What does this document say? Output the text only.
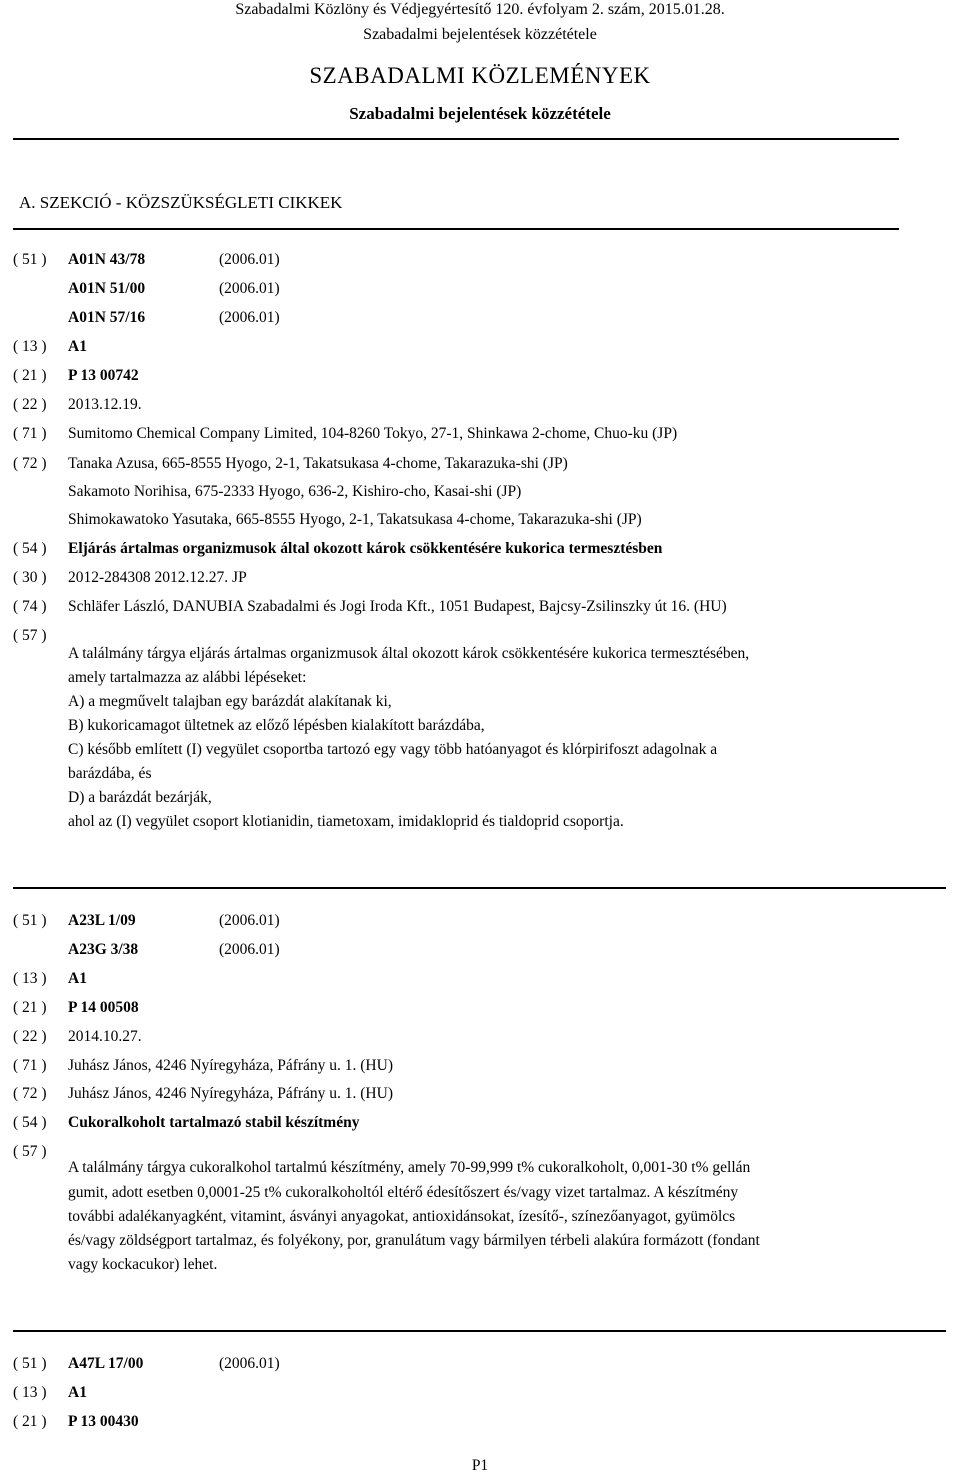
Szabadalmi Közlöny és Védjegyértesítő 120. évfolyam 2. szám, 2015.01.28.
Szabadalmi bejelentések közzététele
SZABADALMI KÖZLEMÉNYEK
Szabadalmi bejelentések közzététele
A. SZEKCIÓ - KÖZSZÜKSÉGLETI CIKKEK
( 51 ) A01N 43/78	(2006.01)
A01N 51/00	(2006.01)
A01N 57/16	(2006.01)
( 13 ) A1
( 21 ) P 13 00742
( 22 ) 2013.12.19.
( 71 ) Sumitomo Chemical Company Limited, 104-8260 Tokyo, 27-1, Shinkawa 2-chome, Chuo-ku (JP)
( 72 ) Tanaka Azusa, 665-8555 Hyogo, 2-1, Takatsukasa 4-chome, Takarazuka-shi (JP)
Sakamoto Norihisa, 675-2333 Hyogo, 636-2, Kishiro-cho, Kasai-shi (JP)
Shimokawatoko Yasutaka, 665-8555 Hyogo, 2-1, Takatsukasa 4-chome, Takarazuka-shi (JP)
( 54 ) Eljárás ártalmas organizmusok által okozott károk csökkentésére kukorica termesztésben
( 30 ) 2012-284308 2012.12.27. JP
( 74 ) Schläfer László, DANUBIA Szabadalmi és Jogi Iroda Kft., 1051 Budapest, Bajcsy-Zsilinszky út 16. (HU)
( 57 )
A találmány tárgya eljárás ártalmas organizmusok által okozott károk csökkentésére kukorica termesztésében,
amely tartalmazza az alábbi lépéseket:
A) a megművelt talajban egy barázdát alakítanak ki,
B) kukoricamagot ültetnek az előző lépésben kialakított barázdába,
C) később említett (I) vegyület csoportba tartozó egy vagy több hatóanyagot és klórpirifoszt adagolnak a
barázdába, és
D) a barázdát bezárják,
ahol az (I) vegyület csoport klotianidin, tiametoxam, imidakloprid és tialdoprid csoportja.
( 51 ) A23L 1/09	(2006.01)
A23G 3/38	(2006.01)
( 13 ) A1
( 21 ) P 14 00508
( 22 ) 2014.10.27.
( 71 ) Juhász János, 4246 Nyíregyháza, Páfrány u. 1. (HU)
( 72 ) Juhász János, 4246 Nyíregyháza, Páfrány u. 1. (HU)
( 54 ) Cukoralkoholt tartalmazó stabil készítmény
( 57 )
A találmány tárgya cukoralkohol tartalmú készítmény, amely 70-99,999 t% cukoralkoholt, 0,001-30 t% gellán
gumit, adott esetben 0,0001-25 t% cukoralkoholtól eltérő édesítőszert és/vagy vizet tartalmaz. A készítmény
további adalékanyagként, vitamint, ásványi anyagokat, antioxidánsokat, ízesítő-, színezőanyagot, gyümölcs
és/vagy zöldségport tartalmaz, és folyékony, por, granulátum vagy bármilyen térbeli alakúra formázott (fondant
vagy kockacukor) lehet.
( 51 ) A47L 17/00	(2006.01)
( 13 ) A1
( 21 ) P 13 00430
P1
